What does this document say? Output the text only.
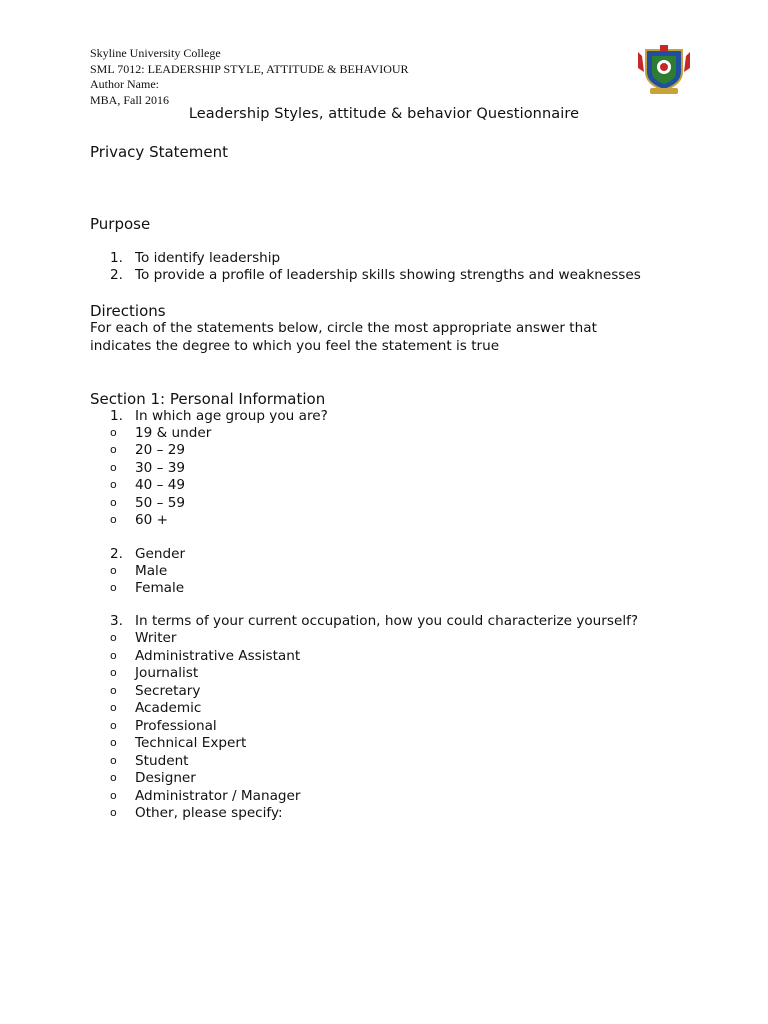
Skyline University College
SML 7012: LEADERSHIP STYLE, ATTITUDE & BEHAVIOUR
Author Name:
MBA, Fall 2016
Leadership Styles, attitude & behavior Questionnaire
Privacy Statement
Purpose
1. To identify leadership
2. To provide a profile of leadership skills showing strengths and weaknesses
Directions
For each of the statements below, circle the most appropriate answer that
indicates the degree to which you feel the statement is true
Section 1: Personal Information
1. In which age group you are?
o 19 & under
o 20 – 29
o 30 – 39
o 40 – 49
o 50 – 59
o 60 +
2. Gender
o Male
o Female
3. In terms of your current occupation, how you could characterize yourself?
o Writer
o Administrative Assistant
o Journalist
o Secretary
o Academic
o Professional
o Technical Expert
o Student
o Designer
o Administrator / Manager
o Other, please specify:
